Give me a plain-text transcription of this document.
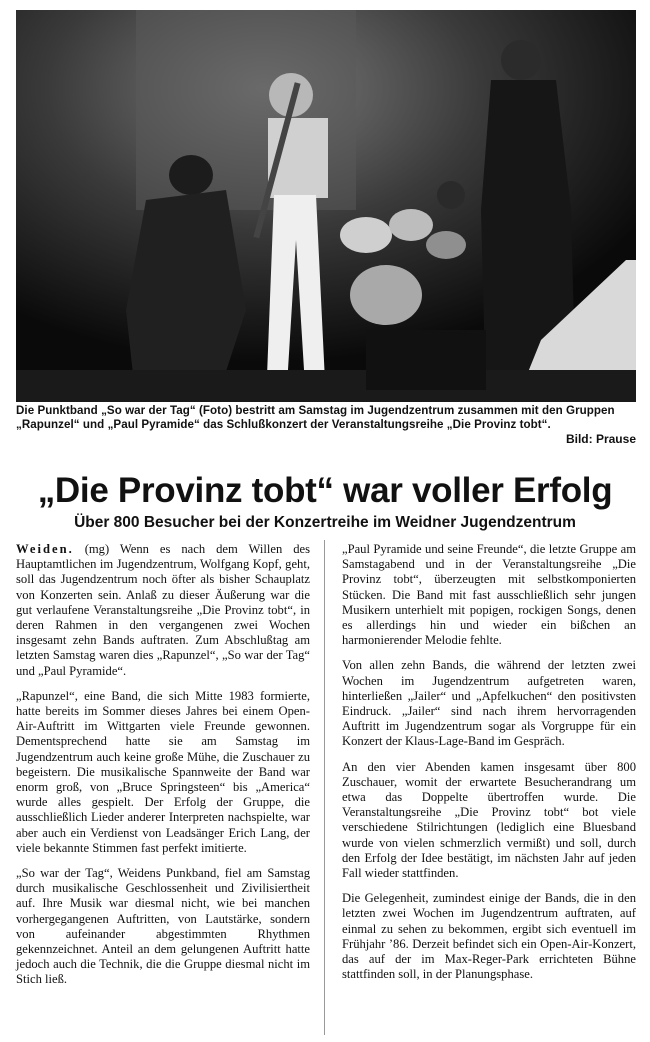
Die Punktband „So war der Tag“ (Foto) bestritt am Samstag im Jugendzentrum zusammen mit den Gruppen „Rapunzel“ und „Paul Pyramide“ das Schlußkonzert der Veranstaltungsreihe „Die Provinz tobt“.
Bild: Prause
„Die Provinz tobt“ war voller Erfolg
Über 800 Besucher bei der Konzertreihe im Weidner Jugendzentrum

Weiden. (mg) Wenn es nach dem Willen des Hauptamtlichen im Jugendzentrum, Wolfgang Kopf, geht, soll das Jugendzentrum noch öfter als bisher Schauplatz von Konzerten sein. Anlaß zu dieser Äußerung war die gut verlaufene Veranstaltungsreihe „Die Provinz tobt“, in deren Rahmen in den vergangenen zwei Wochen insgesamt zehn Bands auftraten. Zum Abschlußtag am letzten Samstag waren dies „Rapunzel“, „So war der Tag“ und „Paul Pyramide“.

„Rapunzel“, eine Band, die sich Mitte 1983 formierte, hatte bereits im Sommer dieses Jahres bei einem Open-Air-Auftritt im Wittgarten viele Freunde gewonnen. Dementsprechend hatte sie am Samstag im Jugendzentrum auch keine große Mühe, die Zuschauer zu begeistern. Die musikalische Spannweite der Band war enorm groß, von „Bruce Springsteen“ bis „America“ wurde alles gespielt. Der Erfolg der Gruppe, die ausschließlich Lieder anderer Interpreten nachspielte, war aber auch ein Verdienst von Leadsänger Erich Lang, der viele bekannte Stimmen fast perfekt imitierte.

„So war der Tag“, Weidens Punkband, fiel am Samstag durch musikalische Geschlossenheit und Zivilisiertheit auf. Ihre Musik war diesmal nicht, wie bei manchen vorhergegangenen Auftritten, von Lautstärke, sondern von aufeinander abgestimmten Rhythmen gekennzeichnet. Anteil an dem gelungenen Auftritt hatte jedoch auch die Technik, die die Gruppe diesmal nicht im Stich ließ.

„Paul Pyramide und seine Freunde“, die letzte Gruppe am Samstagabend und in der Veranstaltungsreihe „Die Provinz tobt“, überzeugten mit selbstkomponierten Stücken. Die Band mit fast ausschließlich sehr jungen Musikern unterhielt mit popigen, rockigen Songs, denen es allerdings hin und wieder ein bißchen an harmonierender Melodie fehlte.

Von allen zehn Bands, die während der letzten zwei Wochen im Jugendzentrum aufgetreten waren, hinterließen „Jailer“ und „Apfelkuchen“ den positivsten Eindruck. „Jailer“ sind nach ihrem hervorragenden Auftritt im Jugendzentrum sogar als Vorgruppe für ein Konzert der Klaus-Lage-Band im Gespräch.

An den vier Abenden kamen insgesamt über 800 Zuschauer, womit der erwartete Besucherandrang um etwa das Doppelte übertroffen wurde. Die Veranstaltungsreihe „Die Provinz tobt“ bot viele verschiedene Stilrichtungen (lediglich eine Bluesband wurde von vielen schmerzlich vermißt) und soll, durch den Erfolg der Idee bestätigt, im nächsten Jahr auf jeden Fall wieder stattfinden.

Die Gelegenheit, zumindest einige der Bands, die in den letzten zwei Wochen im Jugendzentrum auftraten, auf einmal zu sehen zu bekommen, ergibt sich eventuell im Frühjahr ’86. Derzeit befindet sich ein Open-Air-Konzert, das auf der im Max-Reger-Park errichteten Bühne stattfinden soll, in der Planungsphase.
